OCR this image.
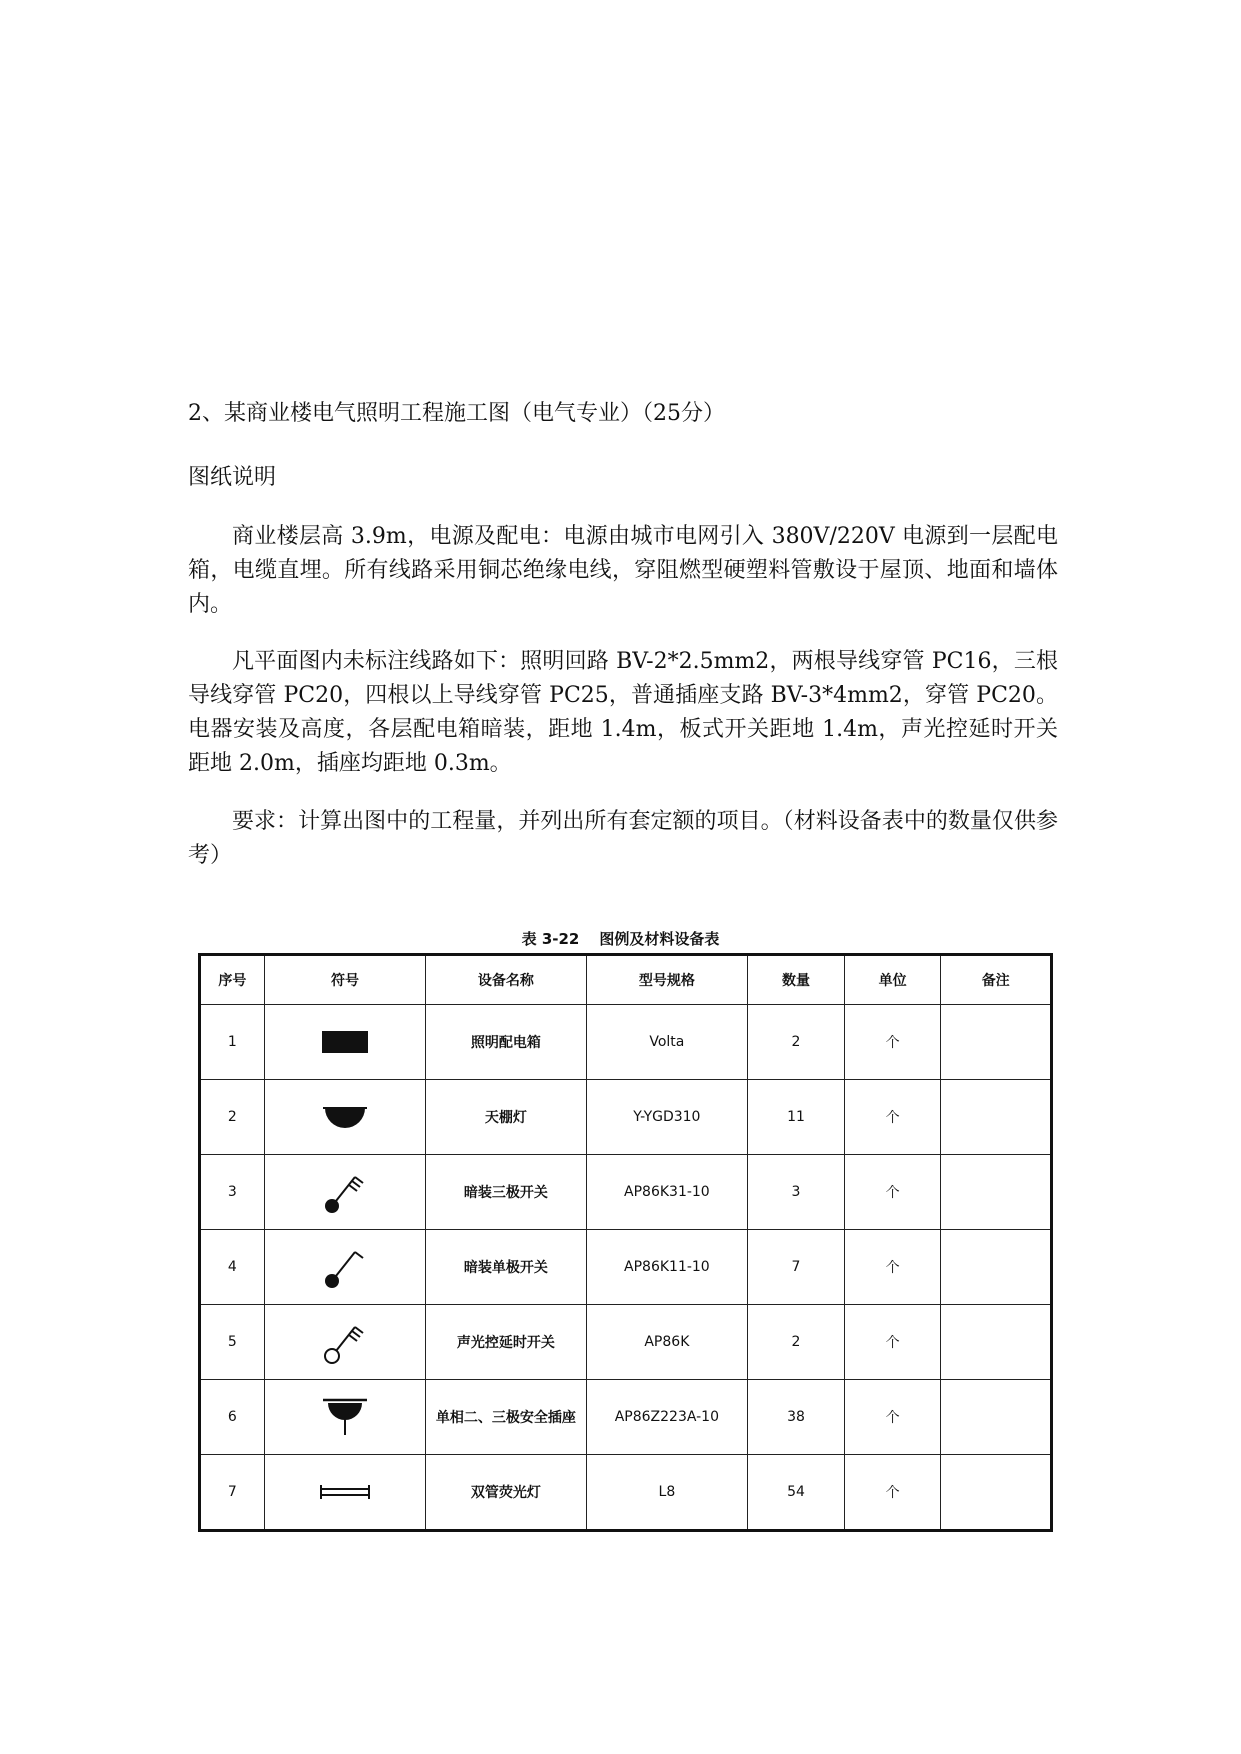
2、某商业楼电气照明工程施工图（电气专业）（25分）
图纸说明

商业楼层高 3.9m，电源及配电：电源由城市电网引入 380V/220V 电源到一层配电箱，电缆直埋。所有线路采用铜芯绝缘电线，穿阻燃型硬塑料管敷设于屋顶、地面和墙体内。

凡平面图内未标注线路如下：照明回路 BV-2*2.5mm2，两根导线穿管 PC16，三根导线穿管 PC20，四根以上导线穿管 PC25，普通插座支路 BV-3*4mm2，穿管 PC20。电器安装及高度，各层配电箱暗装，距地 1.4m，板式开关距地 1.4m，声光控延时开关距地 2.0m，插座均距地 0.3m。

要求：计算出图中的工程量，并列出所有套定额的项目。（材料设备表中的数量仅供参考）

表 3-22 图例及材料设备表
序号	符号	设备名称	型号规格	数量	单位	备注
1		照明配电箱	Volta	2	个	
2		天棚灯	Y-YGD310	11	个	
3		暗装三极开关	AP86K31-10	3	个	
4		暗装单极开关	AP86K11-10	7	个	
5		声光控延时开关	AP86K	2	个	
6		单相二、三极安全插座	AP86Z223A-10	38	个	
7		双管荧光灯	L8	54	个	
